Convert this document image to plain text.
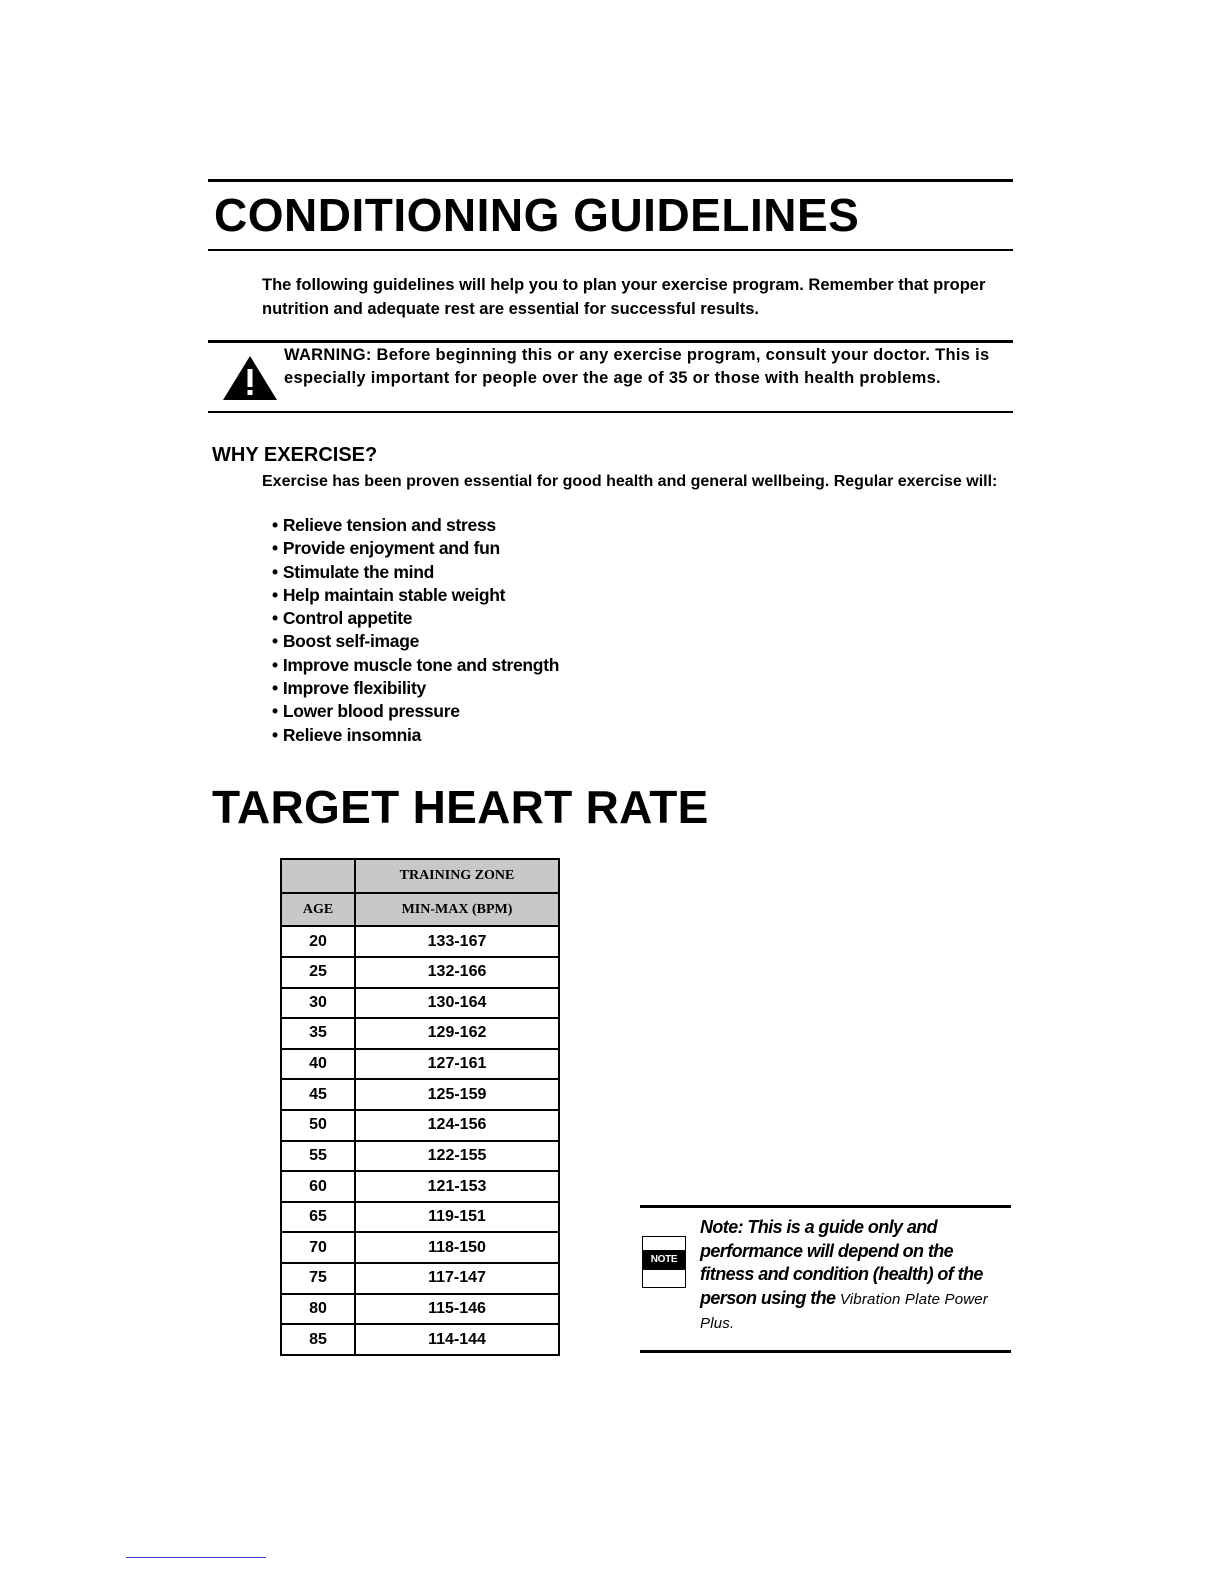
CONDITIONING GUIDELINES

The following guidelines will help you to plan your exercise program. Remember that proper nutrition and adequate rest are essential for successful results.

WARNING: Before beginning this or any exercise program, consult your doctor. This is especially important for people over the age of 35 or those with health problems.

WHY EXERCISE?

Exercise has been proven essential for good health and general wellbeing. Regular exercise will:

• Relieve tension and stress
• Provide enjoyment and fun
• Stimulate the mind
• Help maintain stable weight
• Control appetite
• Boost self-image
• Improve muscle tone and strength
• Improve flexibility
• Lower blood pressure
• Relieve insomnia
TARGET HEART RATE
	TRAINING ZONE
AGE	MIN-MAX (BPM)
20	133-167
25	132-166
30	130-164
35	129-162
40	127-161
45	125-159
50	124-156
55	122-155
60	121-153
65	119-151
70	118-150
75	117-147
80	115-146
85	114-144
NOTE

Note: This is a guide only and performance will depend on the fitness and condition (health) of the person using the Vibration Plate Power Plus.
